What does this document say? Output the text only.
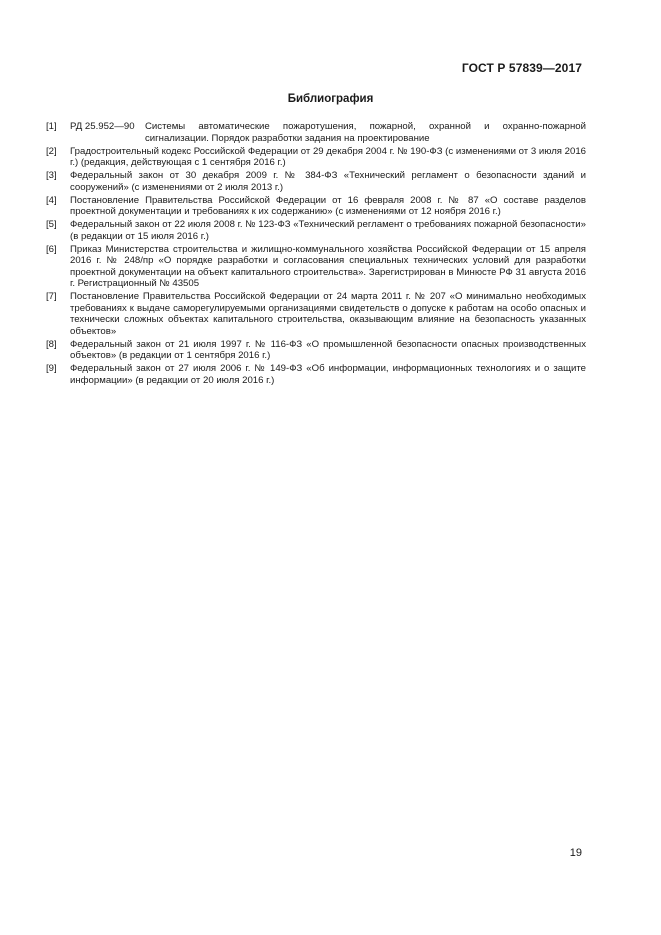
ГОСТ Р 57839—2017
Библиография
[1]	РД 25.952—90	Системы автоматические пожаротушения, пожарной, охранной и охранно-пожарной сигнализации. Порядок разработки задания на проектирование
[2]	Градостроительный кодекс Российской Федерации от 29 декабря 2004 г. № 190-ФЗ (с изменениями от 3 июля 2016 г.) (редакция, действующая с 1 сентября 2016 г.)
[3]	Федеральный закон от 30 декабря 2009 г. № 384-ФЗ «Технический регламент о безопасности зданий и сооружений» (с изменениями от 2 июля 2013 г.)
[4]	Постановление Правительства Российской Федерации от 16 февраля 2008 г. № 87 «О составе разделов проектной документации и требованиях к их содержанию» (с изменениями от 12 ноября 2016 г.)
[5]	Федеральный закон от 22 июля 2008 г. № 123-ФЗ «Технический регламент о требованиях пожарной безопасности» (в редакции от 15 июля 2016 г.)
[6]	Приказ Министерства строительства и жилищно-коммунального хозяйства Российской Федерации от 15 апреля 2016 г. № 248/пр «О порядке разработки и согласования специальных технических условий для разработки проектной документации на объект капитального строительства». Зарегистрирован в Минюсте РФ 31 августа 2016 г. Регистрационный № 43505
[7]	Постановление Правительства Российской Федерации от 24 марта 2011 г. № 207 «О минимально необходимых требованиях к выдаче саморегулируемыми организациями свидетельств о допуске к работам на особо опасных и технически сложных объектах капитального строительства, оказывающим влияние на безопасность указанных объектов»
[8]	Федеральный закон от 21 июля 1997 г. № 116-ФЗ «О промышленной безопасности опасных производственных объектов» (в редакции от 1 сентября 2016 г.)
[9]	Федеральный закон от 27 июля 2006 г. № 149-ФЗ «Об информации, информационных технологиях и о защите информации» (в редакции от 20 июля 2016 г.)
19
